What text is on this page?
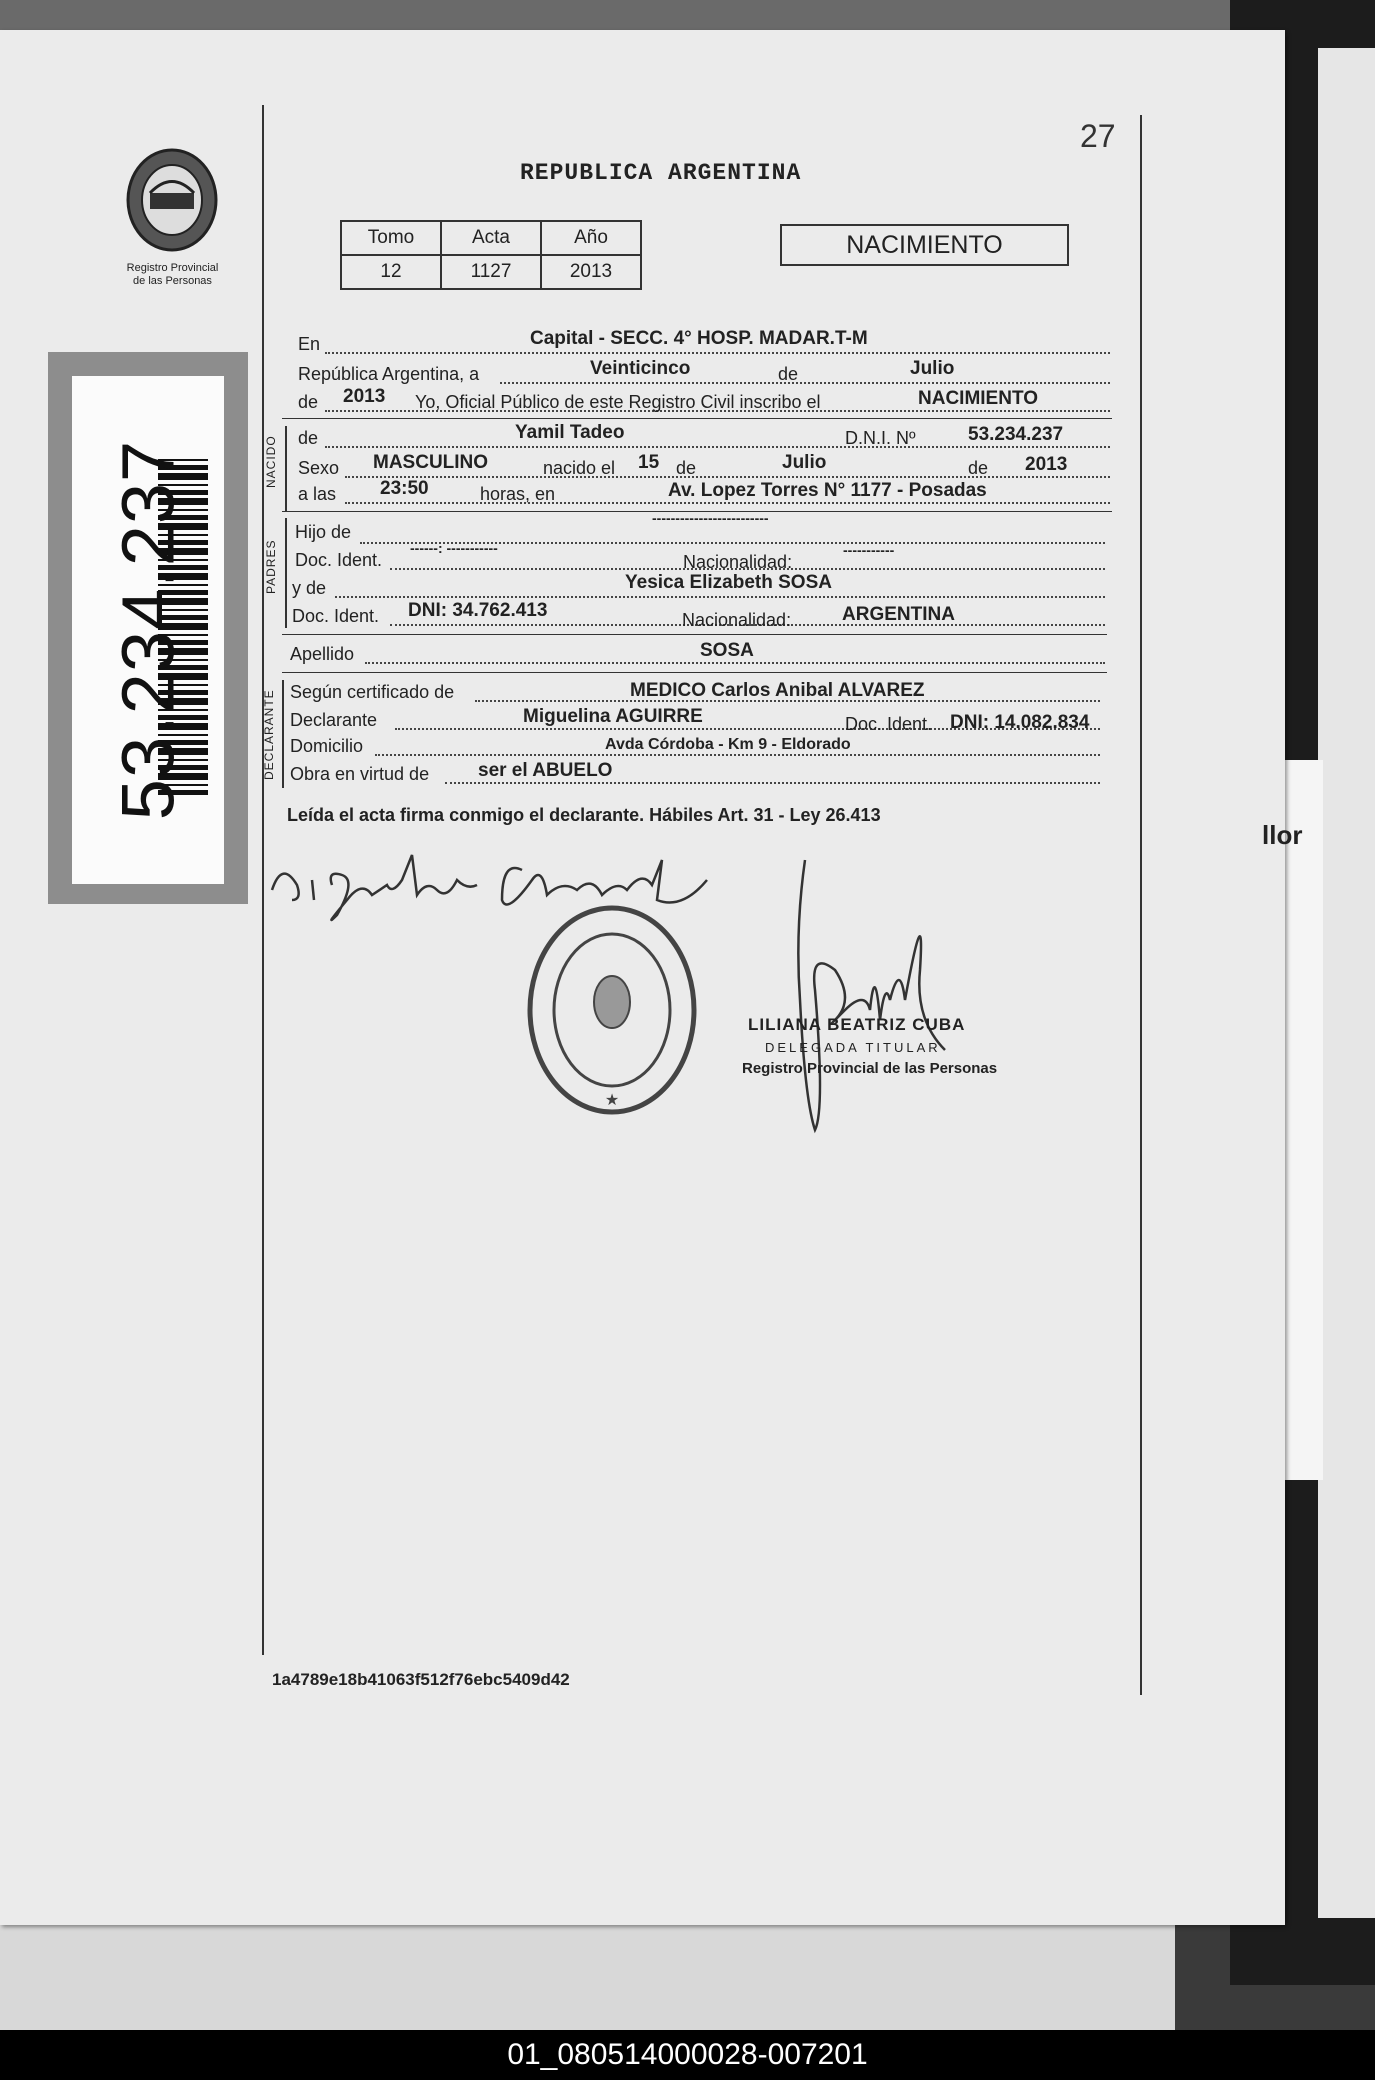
27
REPUBLICA ARGENTINA
Tomo	Acta	Año
12	1127	2013
NACIMIENTO
Registro Provincial
de las Personas
53.234.237
En	Capital - SECC. 4° HOSP. MADAR.T-M
República Argentina, a	Veinticinco	de	Julio
de 2013 Yo, Oficial Público de este Registro Civil inscribo el	NACIMIENTO
NACIDO de	Yamil Tadeo	D.N.I. Nº	53.234.237
Sexo MASCULINO	nacido el 15 de	Julio	de 2013
a las 23:50	horas, en	Av. Lopez Torres N° 1177 - Posadas
PADRES
Hijo de
-------------------------
Doc. Ident.
------: -----------
Nacionalidad:
-----------
y de	Yesica Elizabeth SOSA
Doc. Ident. DNI: 34.762.413	Nacionalidad:	ARGENTINA
Apellido	SOSA
DECLARANTE Según certificado de	MEDICO Carlos Anibal ALVAREZ
Declarante	Miguelina AGUIRRE	Doc. Ident. DNI: 14.082.834
Domicilio	Avda Córdoba - Km 9 - Eldorado
Obra en virtud de	ser el ABUELO
Leída el acta firma conmigo el declarante. Hábiles Art. 31 - Ley 26.413
★
LILIANA BEATRIZ CUBA
DELEGADA TITULAR
Registro Provincial de las Personas
1a4789e18b41063f512f76ebc5409d42
llor
01_080514000028-007201
